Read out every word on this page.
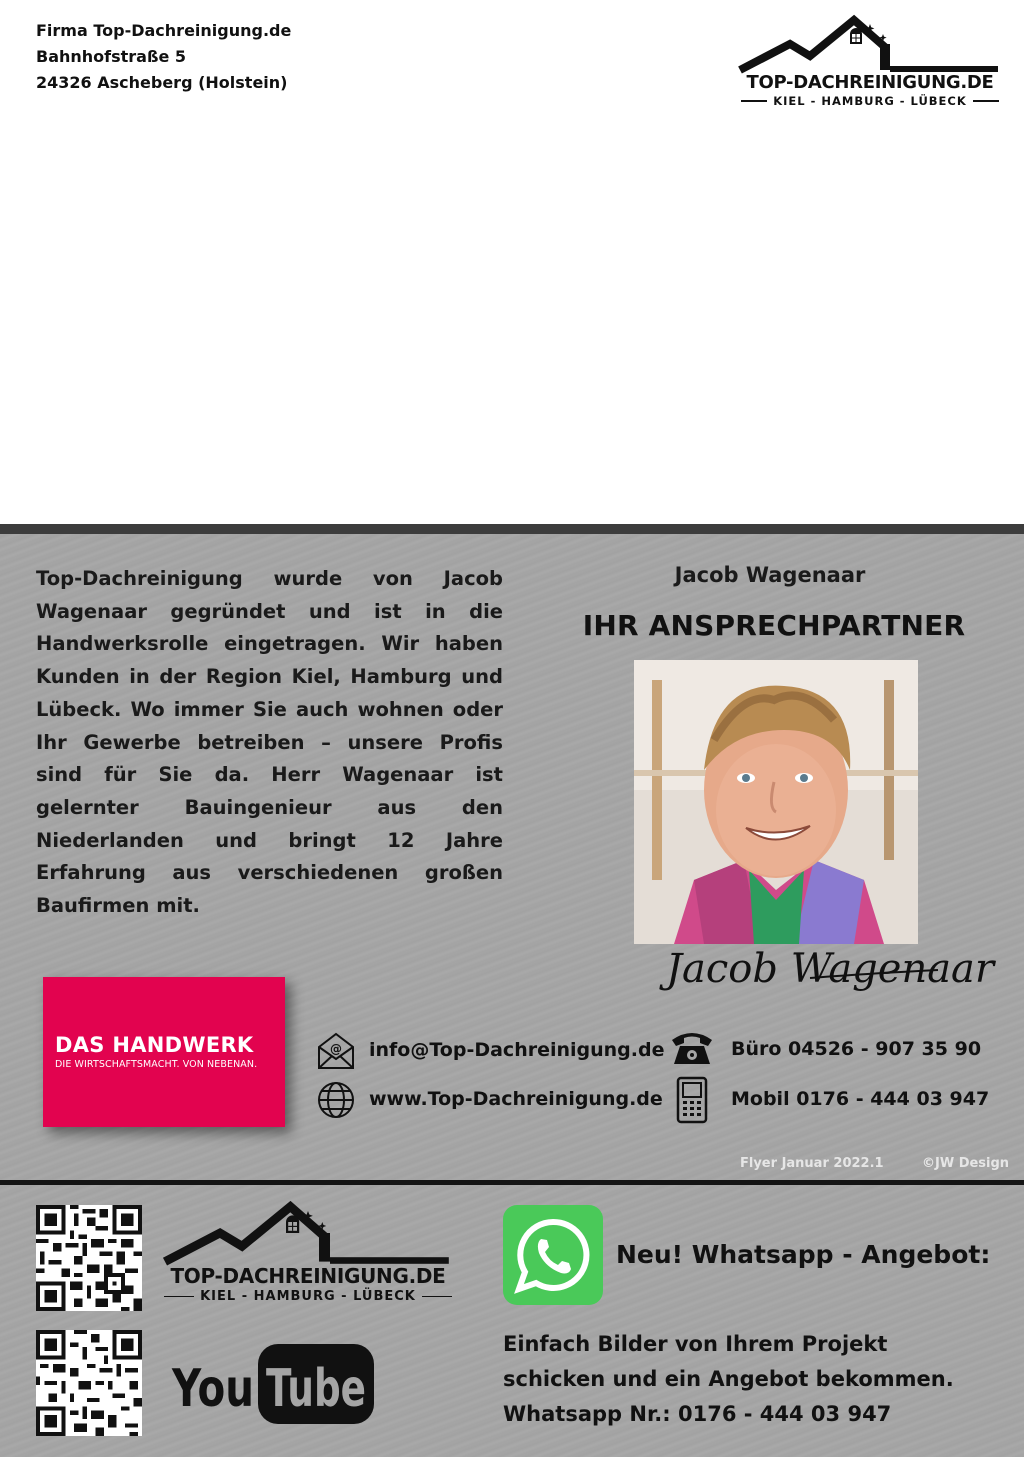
Firma Top-Dachreinigung.de
Bahnhofstraße 5
24326 Ascheberg (Holstein)	TOP-DACHREINIGUNG.DE
KIEL - HAMBURG - LÜBECK
Top-Dachreinigung wurde von Jacob Wagenaar gegründet und ist in die Handwerksrolle eingetragen. Wir haben Kunden in der Region Kiel, Hamburg und Lübeck. Wo immer Sie auch wohnen oder Ihr Gewerbe betreiben – unsere Profis sind für Sie da. Herr Wagenaar ist gelernter Bauingenieur aus den Niederlanden und bringt 12 Jahre Erfahrung aus verschiedenen großen Baufirmen mit.
Jacob Wagenaar
IHR ANSPRECHPARTNER
Jacob Wagenaar
DAS HANDWERK
DIE WIRTSCHAFTSMACHT. VON NEBENAN.
@ info@Top-Dachreinigung.de
www.Top-Dachreinigung.de
Büro 04526 - 907 35 90
Mobil 0176 - 444 03 947
Flyer Januar 2022.1	©JW Design
TOP-DACHREINIGUNG.DE
KIEL - HAMBURG - LÜBECK
You Tube
Neu! Whatsapp - Angebot:
Einfach Bilder von Ihrem Projekt
schicken und ein Angebot bekommen.
Whatsapp Nr.: 0176 - 444 03 947
